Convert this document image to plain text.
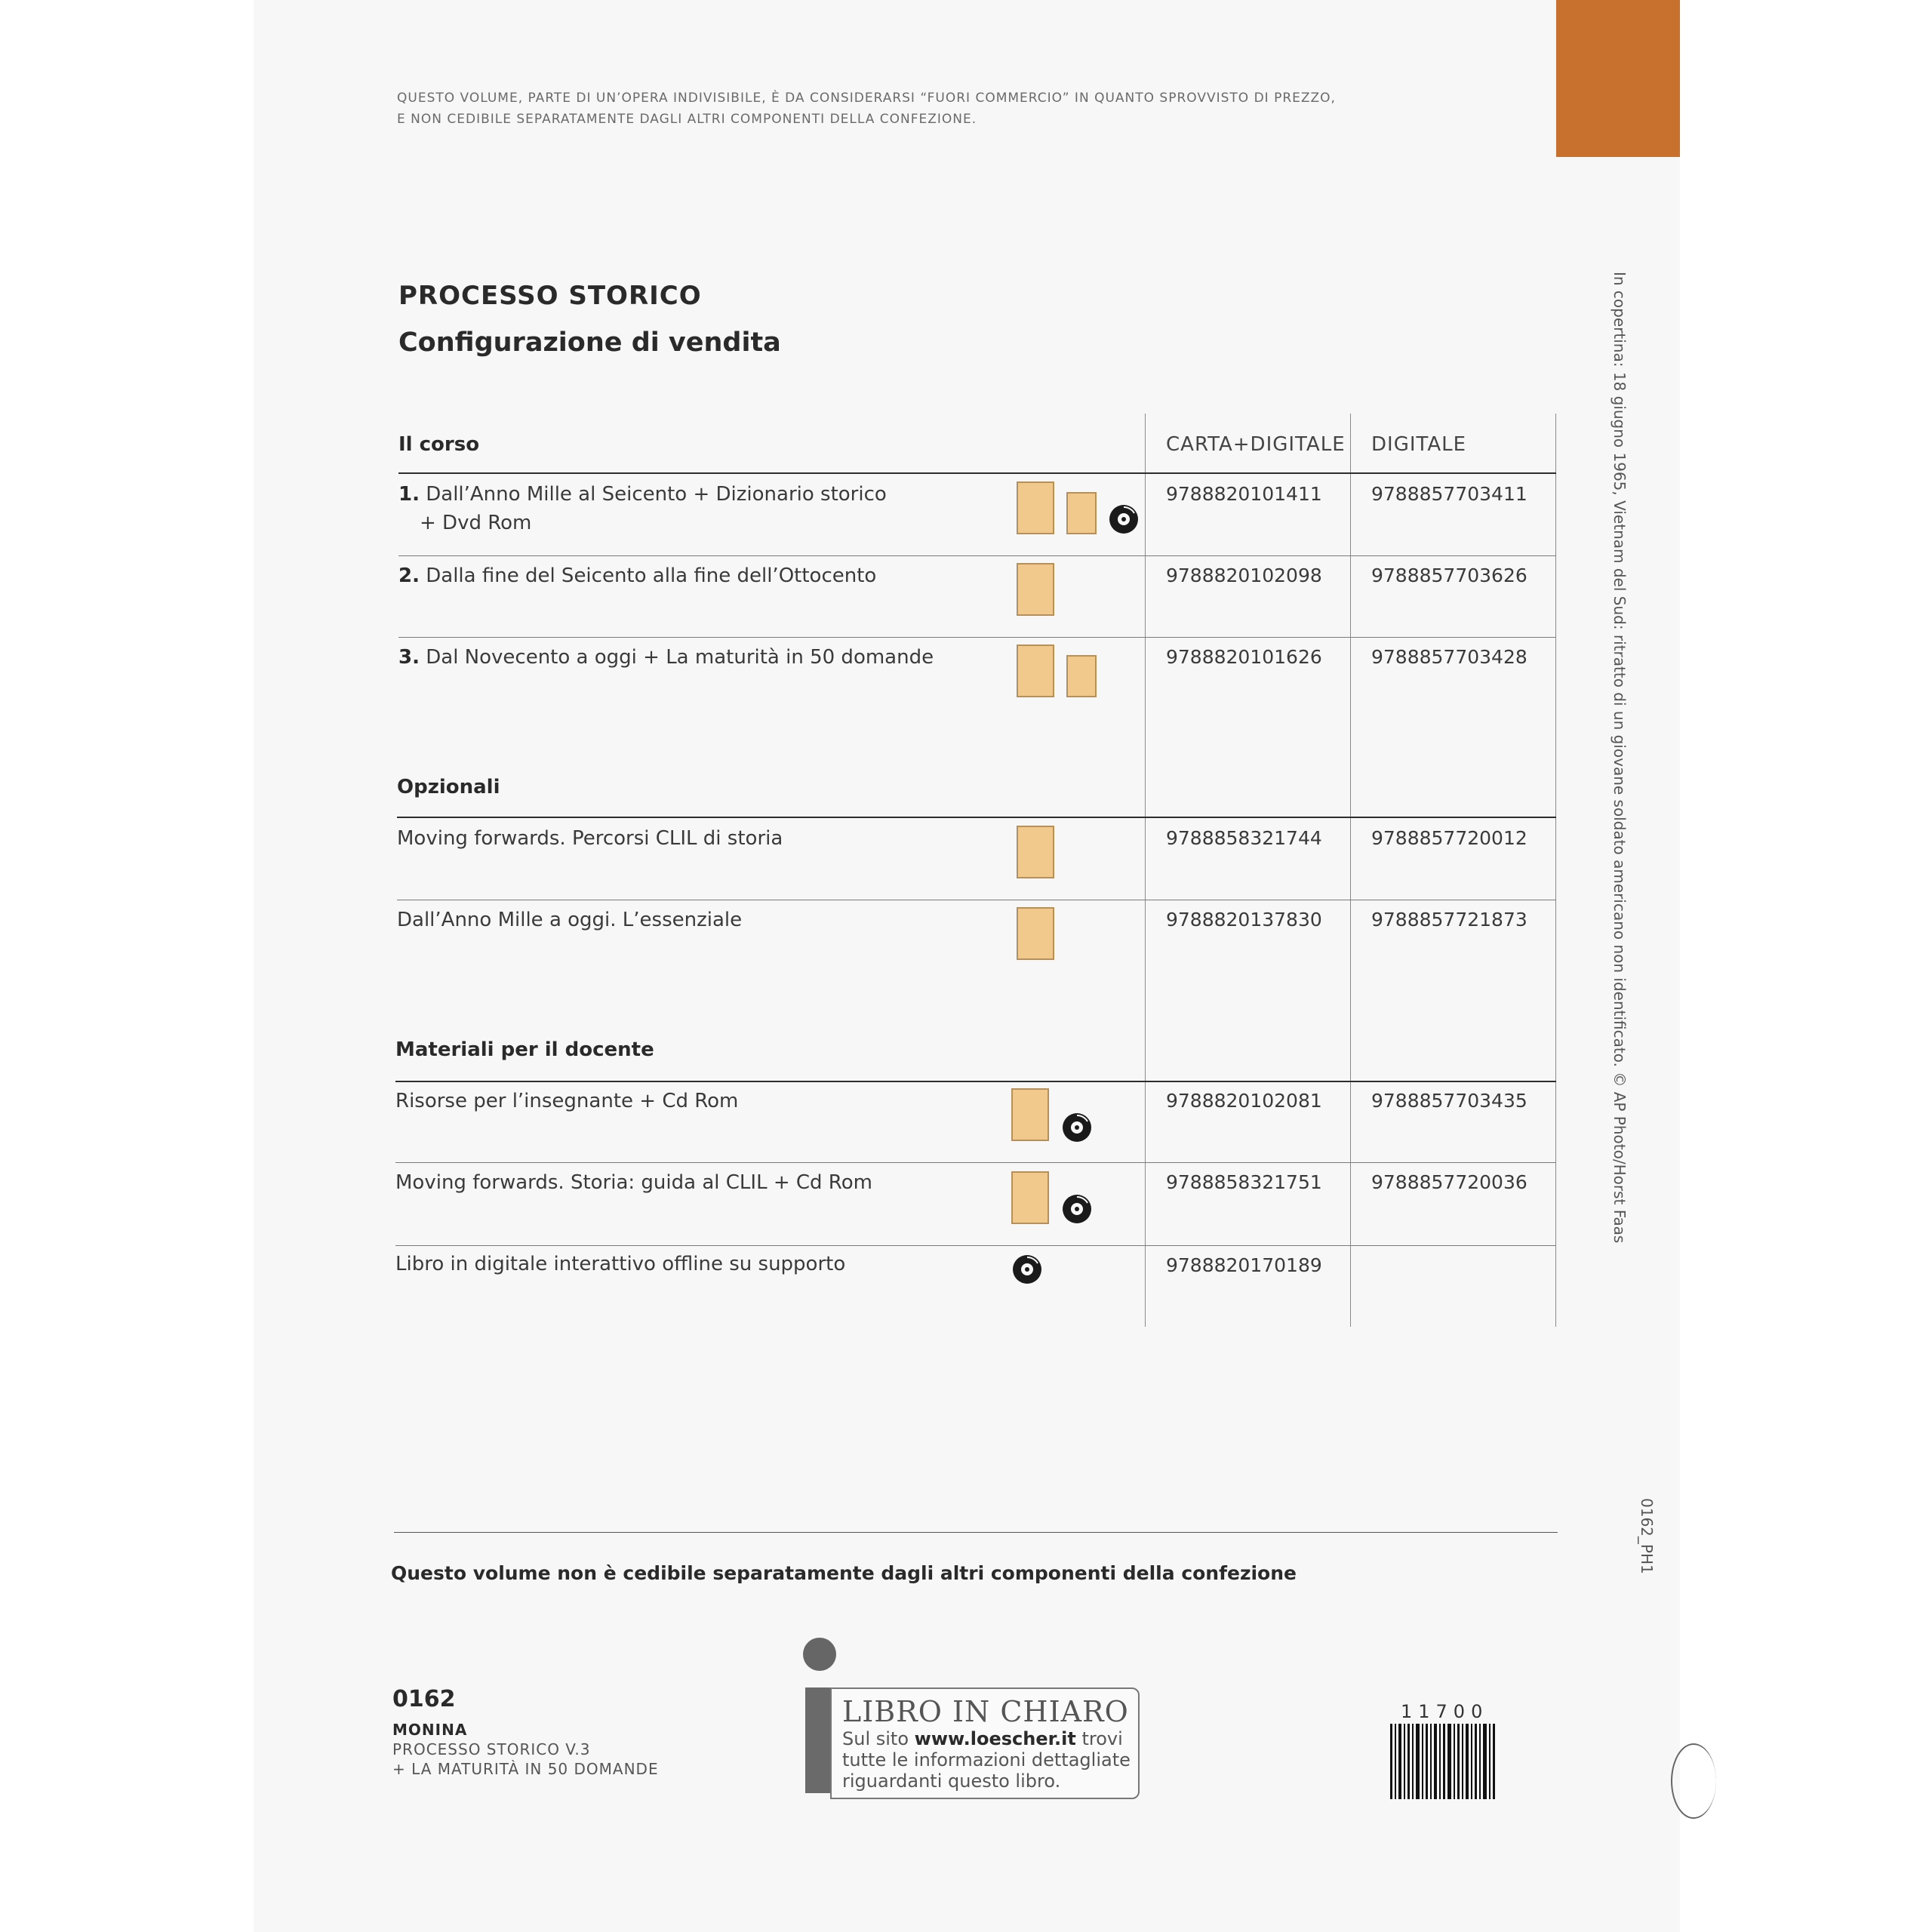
QUESTO VOLUME, PARTE DI UN’OPERA INDIVISIBILE, È DA CONSIDERARSI “FUORI COMMERCIO” IN QUANTO SPROVVISTO DI PREZZO,
E NON CEDIBILE SEPARATAMENTE DAGLI ALTRI COMPONENTI DELLA CONFEZIONE.
PROCESSO STORICO
Configurazione di vendita
Il corso	CARTA+DIGITALE DIGITALE
1. Dall’Anno Mille al Seicento + Dizionario storico
+ Dvd Rom
9788820101411	9788857703411
2. Dalla fine del Seicento alla fine dell’Ottocento	9788820102098	9788857703626
3. Dal Novecento a oggi + La maturità in 50 domande	9788820101626	9788857703428
Opzionali
Moving forwards. Percorsi CLIL di storia	9788858321744	9788857720012
Dall’Anno Mille a oggi. L’essenziale	9788820137830	9788857721873
Materiali per il docente
Risorse per l’insegnante + Cd Rom	9788820102081	9788857703435
Moving forwards. Storia: guida al CLIL + Cd Rom	9788858321751	9788857720036
Libro in digitale interattivo offline su supporto	9788820170189
Questo volume non è cedibile separatamente dagli altri componenti della confezione
0162
MONINA
PROCESSO STORICO V.3
+ LA MATURITÀ IN 50 DOMANDE
LIBRO IN CHIARO
Sul sito www.loescher.it trovi
tutte le informazioni dettagliate
riguardanti questo libro.
11700
In copertina: 18 giugno 1965, Vietnam del Sud: ritratto di un giovane soldato americano non identificato. © AP Photo/Horst Faas
0162_PH1
